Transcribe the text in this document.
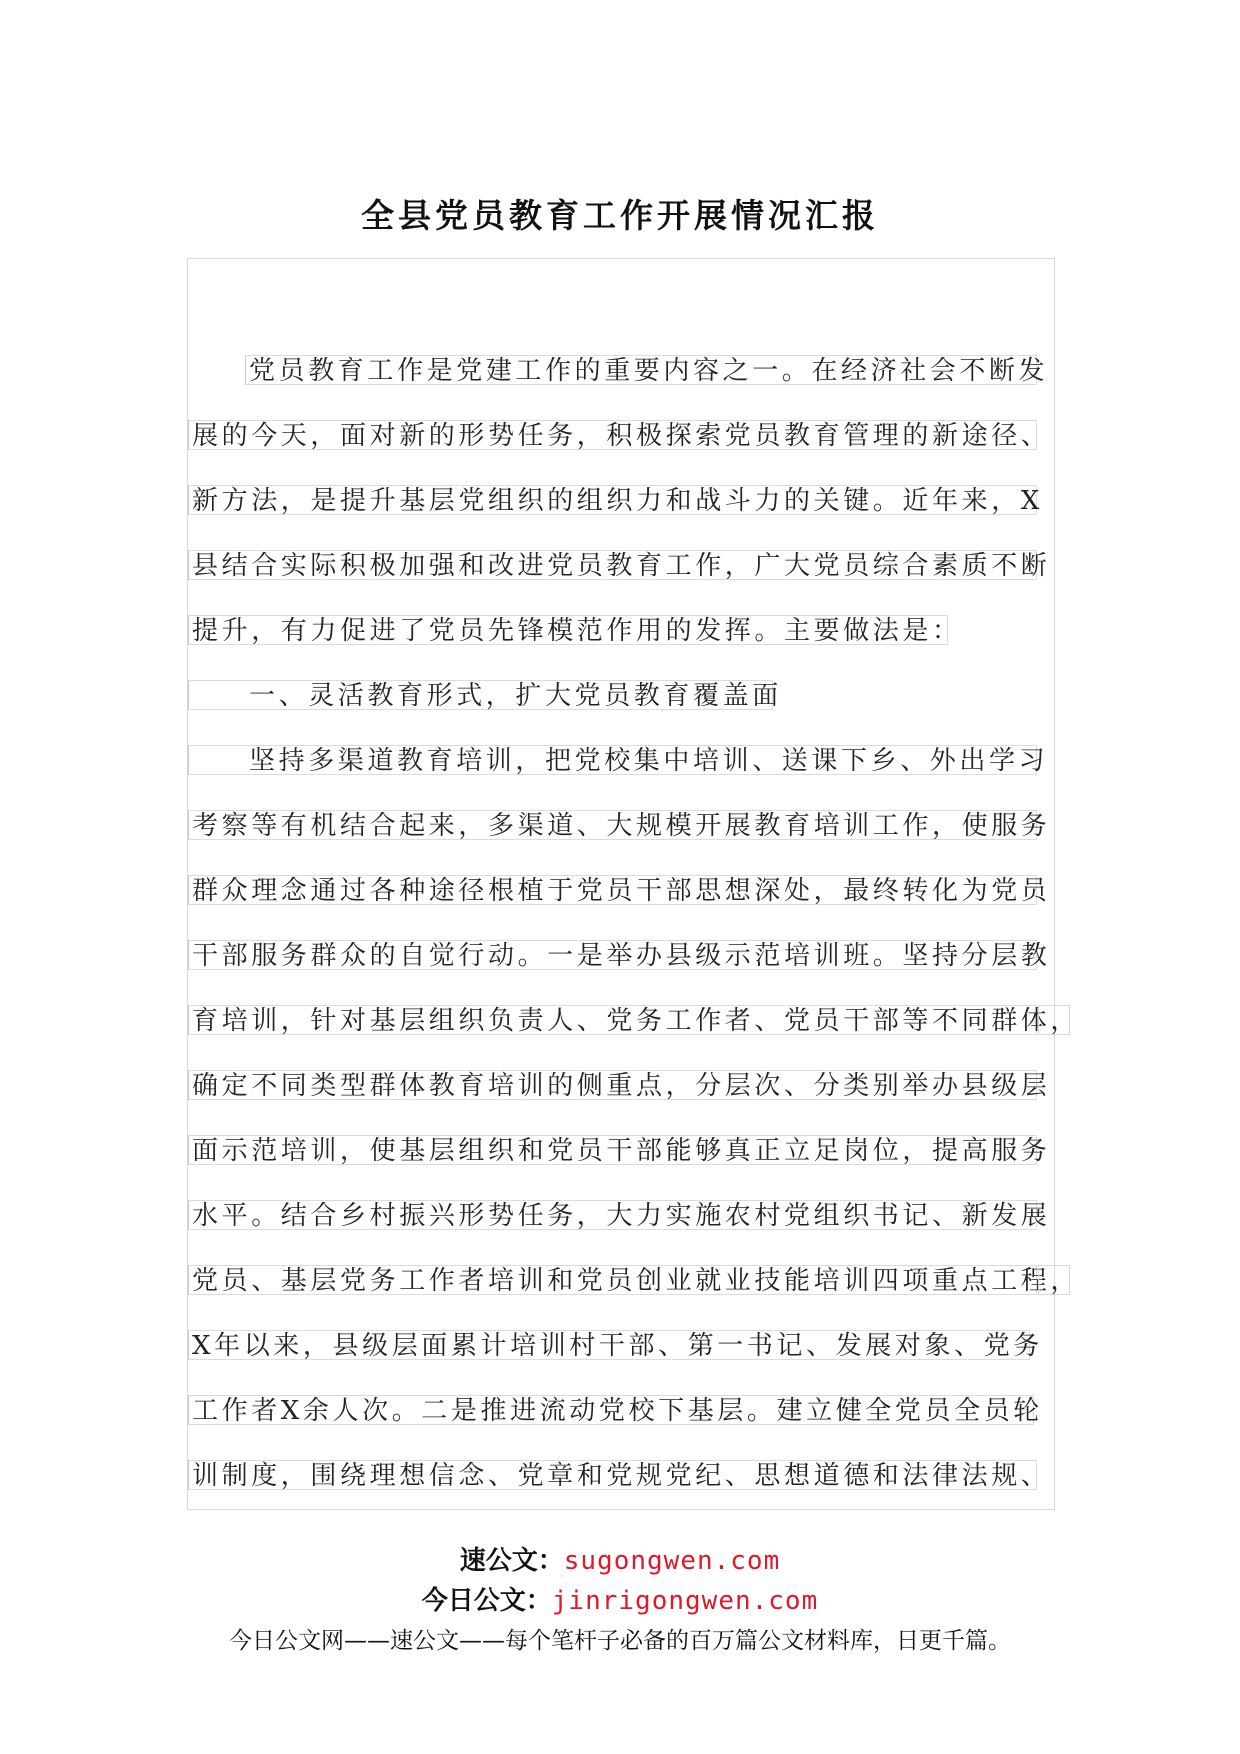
全县党员教育工作开展情况汇报
党员教育工作是党建工作的重要内容之一。在经济社会不断发
展的今天，面对新的形势任务，积极探索党员教育管理的新途径、
新方法，是提升基层党组织的组织力和战斗力的关键。近年来，X
县结合实际积极加强和改进党员教育工作，广大党员综合素质不断
提升，有力促进了党员先锋模范作用的发挥。主要做法是：
一、灵活教育形式，扩大党员教育覆盖面
坚持多渠道教育培训，把党校集中培训、送课下乡、外出学习
考察等有机结合起来，多渠道、大规模开展教育培训工作，使服务
群众理念通过各种途径根植于党员干部思想深处，最终转化为党员
干部服务群众的自觉行动。一是举办县级示范培训班。坚持分层教
育培训，针对基层组织负责人、党务工作者、党员干部等不同群体，
确定不同类型群体教育培训的侧重点，分层次、分类别举办县级层
面示范培训，使基层组织和党员干部能够真正立足岗位，提高服务
水平。结合乡村振兴形势任务，大力实施农村党组织书记、新发展
党员、基层党务工作者培训和党员创业就业技能培训四项重点工程，
X年以来，县级层面累计培训村干部、第一书记、发展对象、党务
工作者X余人次。二是推进流动党校下基层。建立健全党员全员轮
训制度，围绕理想信念、党章和党规党纪、思想道德和法律法规、
速公文：sugongwen.com
今日公文：jinrigongwen.com
今日公文网——速公文——每个笔杆子必备的百万篇公文材料库，日更千篇。
